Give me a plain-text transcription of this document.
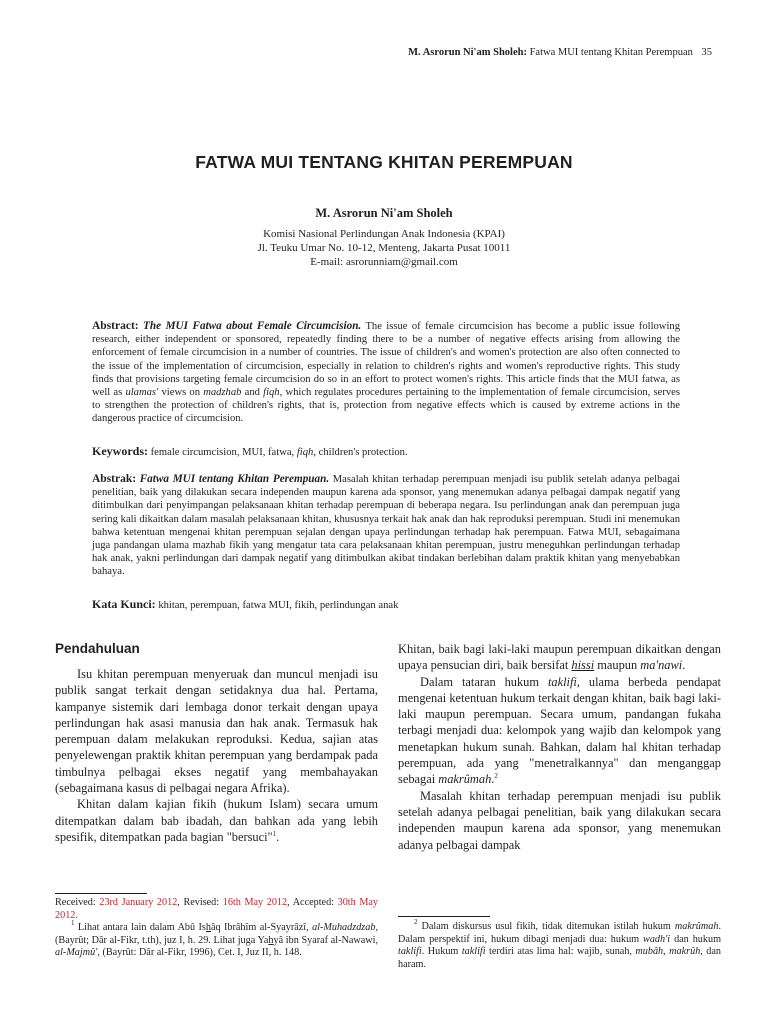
M. Asrorun Ni'am Sholeh: Fatwa MUI tentang Khitan Perempuan 35
FATWA MUI TENTANG KHITAN PEREMPUAN
M. Asrorun Ni'am Sholeh
Komisi Nasional Perlindungan Anak Indonesia (KPAI)
Jl. Teuku Umar No. 10-12, Menteng, Jakarta Pusat 10011
E-mail: asrorunniam@gmail.com
Abstract: The MUI Fatwa about Female Circumcision. The issue of female circumcision has become a public issue following research, either independent or sponsored, repeatedly finding there to be a number of negative effects arising from allowing the enforcement of female circumcision in a number of countries. The issue of children's and women's protection are also often connected to the issue of the implementation of circumcision, especially in relation to children's rights and women's reproductive rights. This study finds that provisions targeting female circumcision do so in an effort to protect women's rights. This article finds that the MUI fatwa, as well as ulamas' views on madzhab and fiqh, which regulates procedures pertaining to the implementation of female circumcision, serves to strengthen the protection of children's rights, that is, protection from negative effects which is caused by extreme actions in the dangerous practice of circumcision.
Keywords: female circumcision, MUI, fatwa, fiqh, children's protection.
Abstrak: Fatwa MUI tentang Khitan Perempuan. Masalah khitan terhadap perempuan menjadi isu publik setelah adanya pelbagai penelitian, baik yang dilakukan secara independen maupun karena ada sponsor, yang menemukan adanya pelbagai dampak negatif yang ditimbulkan dari penyimpangan pelaksanaan khitan terhadap perempuan di beberapa negara. Isu perlindungan anak dan perempuan juga sering kali dikaitkan dalam masalah pelaksanaan khitan, khususnya terkait hak anak dan hak reproduksi perempuan. Studi ini menemukan bahwa ketentuan mengenai khitan perempuan sejalan dengan upaya perlindungan terhadap hak perempuan. Fatwa MUI, sebagaimana juga pandangan ulama mazhab fikih yang mengatur tata cara pelaksanaan khitan perempuan, justru meneguhkan perlindungan terhadap hak anak, yakni perlindungan dari dampak negatif yang ditimbulkan akibat tindakan berlebihan dalam praktik khitan yang menyebabkan bahaya.
Kata Kunci: khitan, perempuan, fatwa MUI, fikih, perlindungan anak
Pendahuluan

Isu khitan perempuan menyeruak dan muncul menjadi isu publik sangat terkait dengan setidaknya dua hal. Pertama, kampanye sistemik dari lembaga donor terkait dengan upaya perlindungan hak asasi manusia dan hak anak. Termasuk hak perempuan dalam melakukan reproduksi. Kedua, sajian atas penyelewengan praktik khitan perempuan yang berdampak pada timbulnya pelbagai ekses negatif yang membahayakan (sebagaimana kasus di pelbagai negara Afrika).

Khitan dalam kajian fikih (hukum Islam) secara umum ditempatkan dalam bab ibadah, dan bahkan ada yang lebih spesifik, ditempatkan pada bagian "bersuci"$^1$.

Khitan, baik bagi laki-laki maupun perempuan dikaitkan dengan upaya pensucian diri, baik bersifat hissi maupun ma'nawi.

Dalam tataran hukum taklifi, ulama berbeda pendapat mengenai ketentuan hukum terkait dengan khitan, baik bagi laki-laki maupun perempuan. Secara umum, pandangan fukaha terbagi menjadi dua: kelompok yang wajib dan kelompok yang menetapkan hukum sunah. Bahkan, dalam hal khitan terhadap perempuan, ada yang "menetralkannya" dan menganggap sebagai makrûmah.$^2$

Masalah khitan terhadap perempuan menjadi isu publik setelah adanya pelbagai penelitian, baik yang dilakukan secara independen maupun karena ada sponsor, yang menemukan adanya pelbagai dampak

Received: 23rd January 2012, Revised: 16th May 2012, Accepted: 30th May 2012.

$^1$ Lihat antara lain dalam Abû Ishâq Ibrâhîm al-Syayrâzî, al-Muhadzdzab, (Bayrût; Dâr al-Fikr, t.th), juz I, h. 29. Lihat juga Yahyâ ibn Syaraf al-Nawawi, al-Majmû', (Bayrût: Dâr al-Fikr, 1996), Cet. I, Juz II, h. 148.

$^2$ Dalam diskursus usul fikih, tidak ditemukan istilah hukum makrûmah. Dalam perspektif ini, hukum dibagi menjadi dua: hukum wadh'i dan hukum taklifi. Hukum taklifi terdiri atas lima hal: wajib, sunah, mubâh, makrûh, dan haram.
